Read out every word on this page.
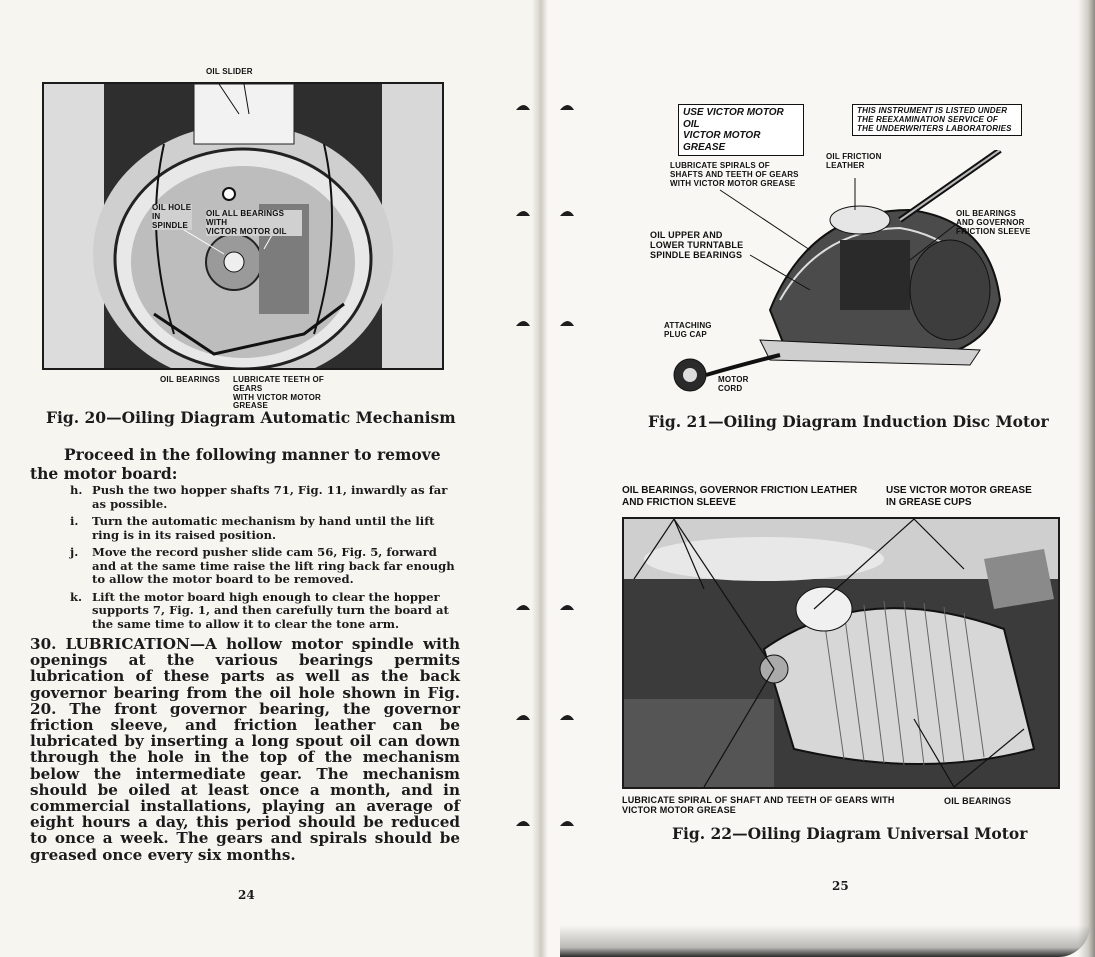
OIL SLIDER
OIL HOLE
IN SPINDLE
OIL ALL BEARINGS WITH
VICTOR MOTOR OIL
OIL BEARINGS LUBRICATE TEETH OF GEARS
WITH VICTOR MOTOR GREASE
Fig. 20—Oiling Diagram Automatic Mechanism
Proceed in the following manner to remove the motor board:
h. Push the two hopper shafts 71, Fig. 11, inwardly as far as possible.
i. Turn the automatic mechanism by hand until the lift ring is in its raised position.
j. Move the record pusher slide cam 56, Fig. 5, forward and at the same time raise the lift ring back far enough to allow the motor board to be removed.
k. Lift the motor board high enough to clear the hopper supports 7, Fig. 1, and then carefully turn the board at the same time to allow it to clear the tone arm.
30. LUBRICATION—A hollow motor spindle with openings at the various bearings permits lubrication of these parts as well as the back governor bearing from the oil hole shown in Fig. 20. The front governor bearing, the governor friction sleeve, and friction leather can be lubricated by inserting a long spout oil can down through the hole in the top of the mechanism below the intermediate gear. The mechanism should be oiled at least once a month, and in commercial installations, playing an average of eight hours a day, this period should be reduced to once a week. The gears and spirals should be greased once every six months.
24
USE VICTOR MOTOR OIL
VICTOR MOTOR GREASE
THIS INSTRUMENT IS LISTED UNDER
THE REEXAMINATION SERVICE OF
THE UNDERWRITERS LABORATORIES
LUBRICATE SPIRALS OF
SHAFTS AND TEETH OF GEARS
WITH VICTOR MOTOR GREASE
OIL FRICTION
LEATHER
OIL BEARINGS
AND GOVERNOR
FRICTION SLEEVE
OIL UPPER AND
LOWER TURNTABLE
SPINDLE BEARINGS
ATTACHING
PLUG CAP
MOTOR
CORD
Fig. 21—Oiling Diagram Induction Disc Motor
OIL BEARINGS, GOVERNOR FRICTION LEATHER
AND FRICTION SLEEVE
USE VICTOR MOTOR GREASE
IN GREASE CUPS
LUBRICATE SPIRAL OF SHAFT AND TEETH OF GEARS WITH
VICTOR MOTOR GREASE
OIL BEARINGS
Fig. 22—Oiling Diagram Universal Motor
25
